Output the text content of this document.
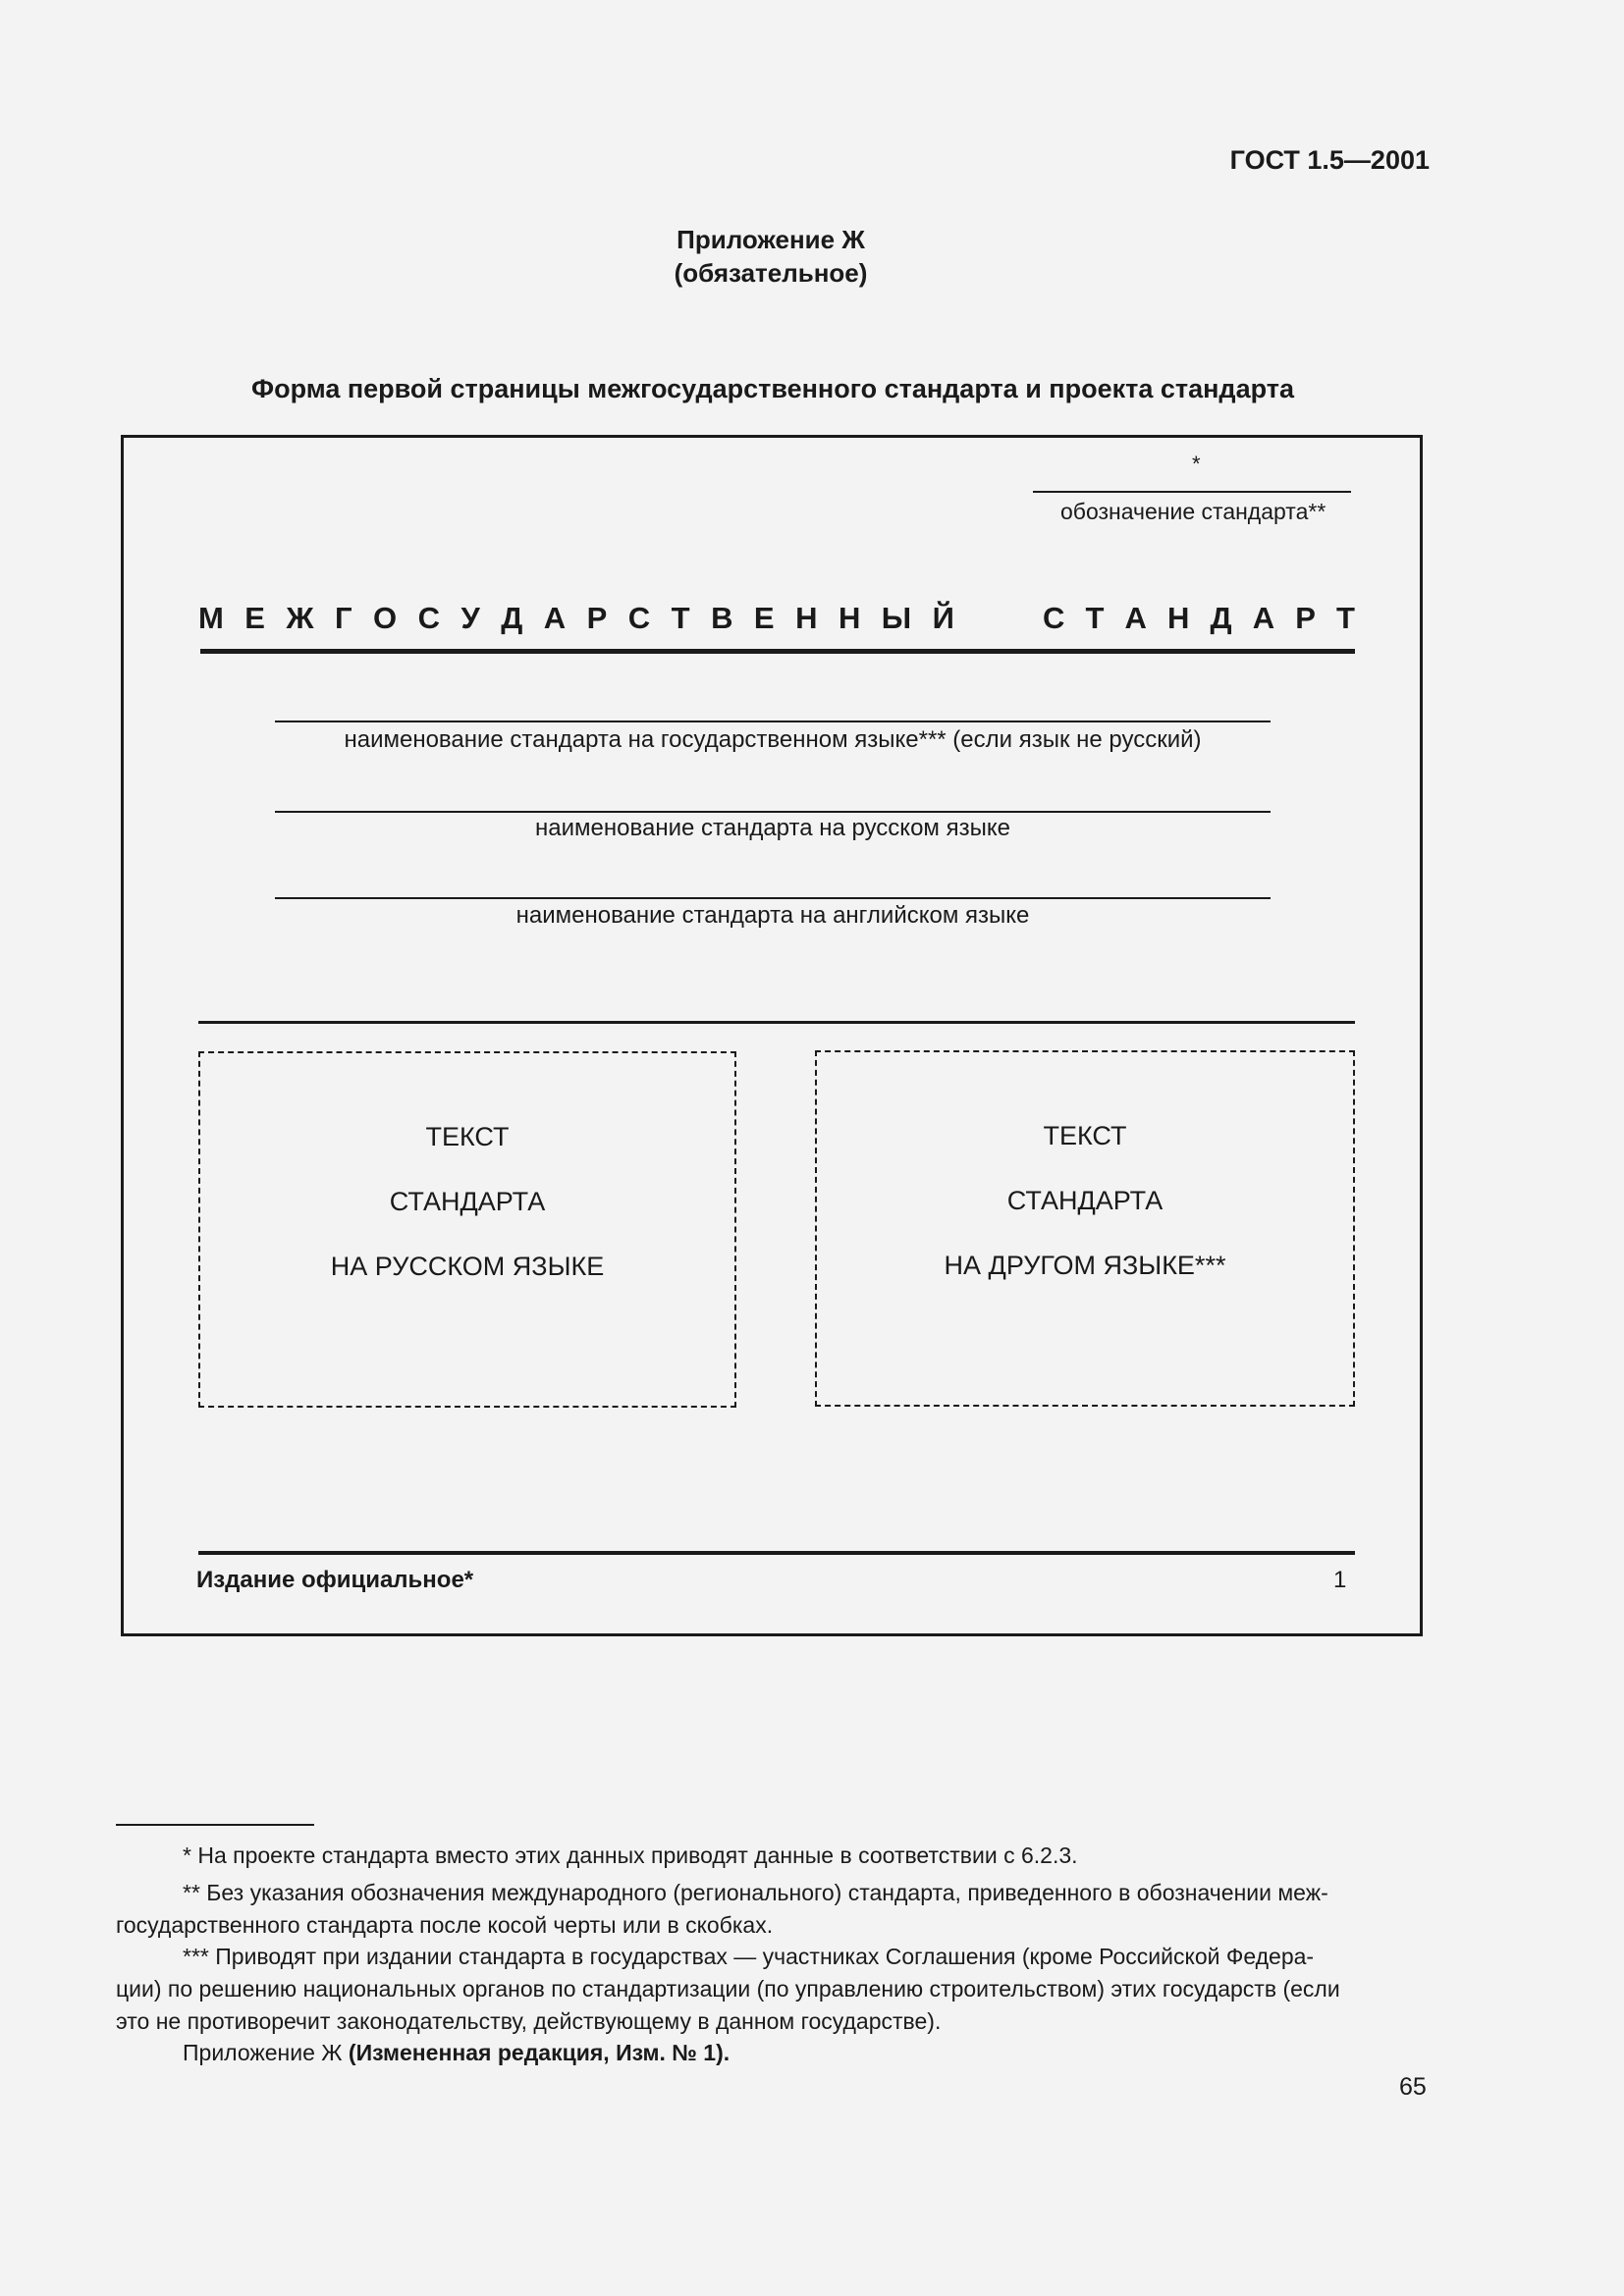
ГОСТ 1.5—2001
Приложение Ж
(обязательное)
Форма первой страницы межгосударственного стандарта и проекта стандарта
*
обозначение стандарта**
М Е Ж Г О С У Д А Р С Т В Е Н Н Ы Й	С Т А Н Д А Р Т
наименование стандарта на государственном языке*** (если язык не русский)
наименование стандарта на русском языке
наименование стандарта на английском языке
ТЕКСТ
СТАНДАРТА
НА РУССКОМ ЯЗЫКЕ
ТЕКСТ
СТАНДАРТА
НА ДРУГОМ ЯЗЫКЕ***
Издание официальное*	1
* На проекте стандарта вместо этих данных приводят данные в соответствии с 6.2.3.
** Без указания обозначения международного (регионального) стандарта, приведенного в обозначении меж-
государственного стандарта после косой черты или в скобках.
*** Приводят при издании стандарта в государствах — участниках Соглашения (кроме Российской Федера-
ции) по решению национальных органов по стандартизации (по управлению строительством) этих государств (если
это не противоречит законодательству, действующему в данном государстве).
Приложение Ж (Измененная редакция, Изм. № 1).
65
